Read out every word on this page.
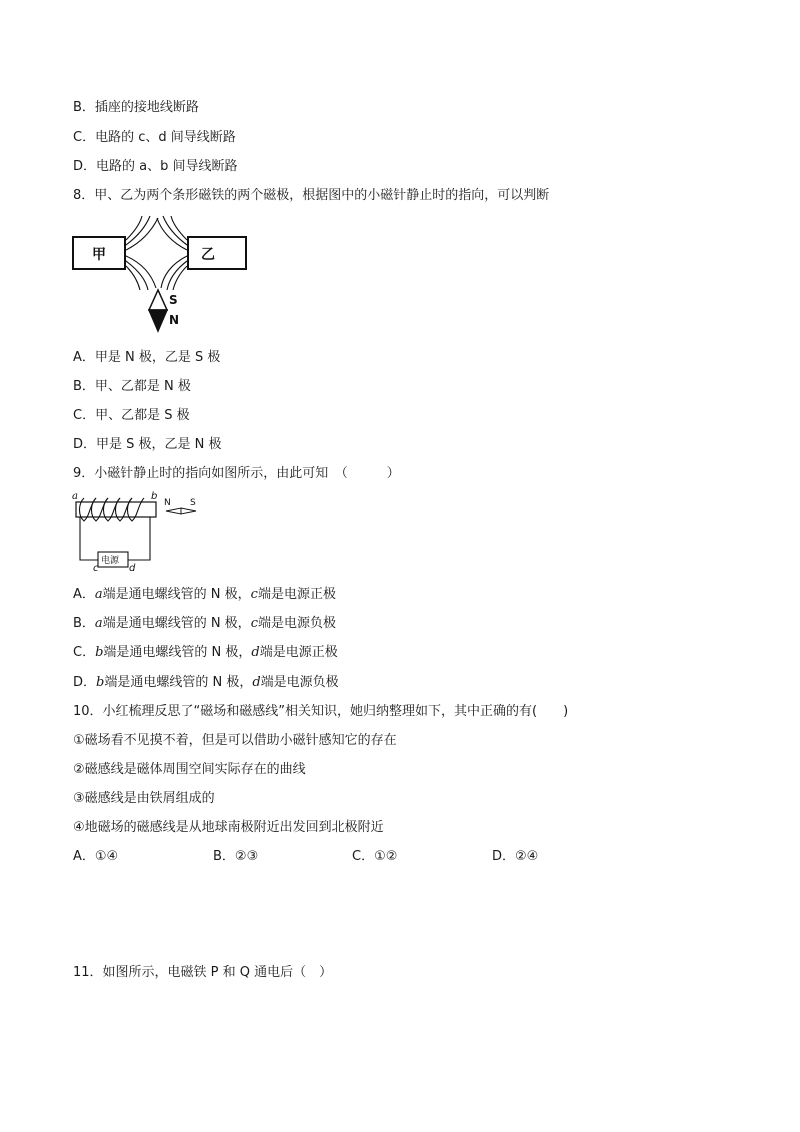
B．插座的接地线断路
C．电路的 c、d 间导线断路
D．电路的 a、b 间导线断路
8．甲、乙为两个条形磁铁的两个磁极，根据图中的小磁针静止时的指向，可以判断
甲	乙
S
N
A．甲是 N 极，乙是 S 极
B．甲、乙都是 N 极
C．甲、乙都是 S 极
D．甲是 S 极，乙是 N 极
9．小磁针静止时的指向如图所示，由此可知　（　　　）
a	b
电源
c	d
N S
A．a端是通电螺线管的 N 极，c端是电源正极
B．a端是通电螺线管的 N 极，c端是电源负极
C．b端是通电螺线管的 N 极，d端是电源正极
D．b端是通电螺线管的 N 极，d端是电源负极
10．小红梳理反思了“磁场和磁感线”相关知识，她归纳整理如下，其中正确的有(　　)
①磁场看不见摸不着，但是可以借助小磁针感知它的存在
②磁感线是磁体周围空间实际存在的曲线
③磁感线是由铁屑组成的
④地磁场的磁感线是从地球南极附近出发回到北极附近
A．①④	B．②③	C．①②	D．②④
11．如图所示，电磁铁 P 和 Q 通电后（　）
